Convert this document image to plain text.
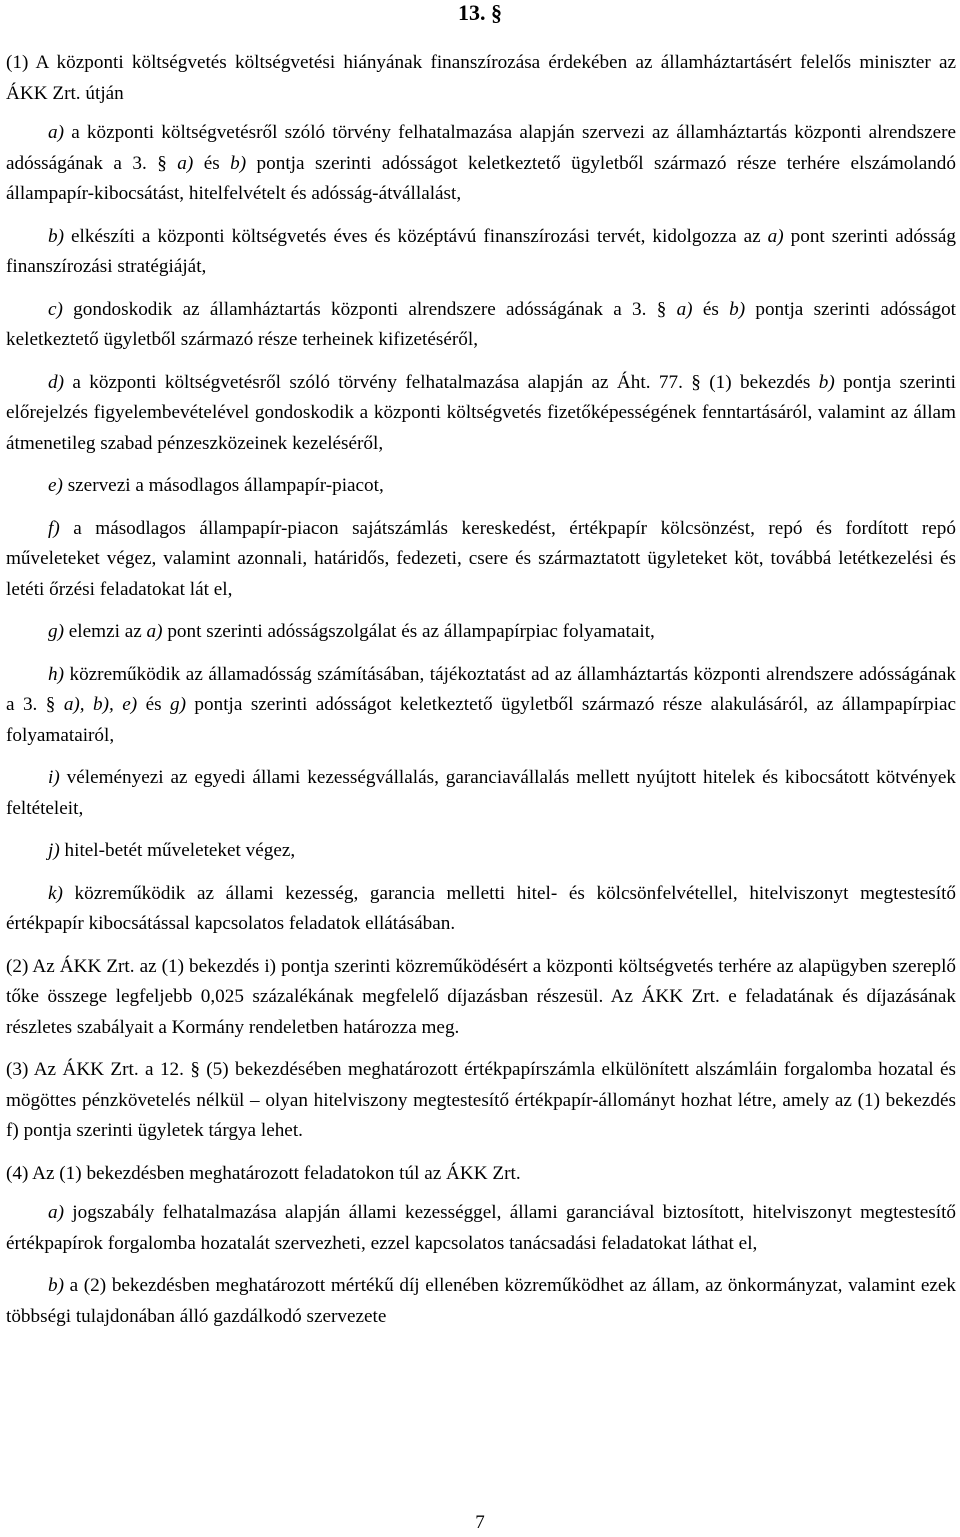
13. §

(1) A központi költségvetés költségvetési hiányának finanszírozása érdekében az államháztartásért felelős miniszter az ÁKK Zrt. útján

a) a központi költségvetésről szóló törvény felhatalmazása alapján szervezi az államháztartás központi alrendszere adósságának a 3. § a) és b) pontja szerinti adósságot keletkeztető ügyletből származó része terhére elszámolandó állampapír-kibocsátást, hitelfelvételt és adósság-átvállalást,

b) elkészíti a központi költségvetés éves és középtávú finanszírozási tervét, kidolgozza az a) pont szerinti adósság finanszírozási stratégiáját,

c) gondoskodik az államháztartás központi alrendszere adósságának a 3. § a) és b) pontja szerinti adósságot keletkeztető ügyletből származó része terheinek kifizetéséről,

d) a központi költségvetésről szóló törvény felhatalmazása alapján az Áht. 77. § (1) bekezdés b) pontja szerinti előrejelzés figyelembevételével gondoskodik a központi költségvetés fizetőképességének fenntartásáról, valamint az állam átmenetileg szabad pénzeszközeinek kezeléséről,

e) szervezi a másodlagos állampapír-piacot,

f) a másodlagos állampapír-piacon sajátszámlás kereskedést, értékpapír kölcsönzést, repó és fordított repó műveleteket végez, valamint azonnali, határidős, fedezeti, csere és származtatott ügyleteket köt, továbbá letétkezelési és letéti őrzési feladatokat lát el,

g) elemzi az a) pont szerinti adósságszolgálat és az állampapírpiac folyamatait,

h) közreműködik az államadósság számításában, tájékoztatást ad az államháztartás központi alrendszere adósságának a 3. § a), b), e) és g) pontja szerinti adósságot keletkeztető ügyletből származó része alakulásáról, az állampapírpiac folyamatairól,

i) véleményezi az egyedi állami kezességvállalás, garanciavállalás mellett nyújtott hitelek és kibocsátott kötvények feltételeit,

j) hitel-betét műveleteket végez,

k) közreműködik az állami kezesség, garancia melletti hitel- és kölcsönfelvétellel, hitelviszonyt megtestesítő értékpapír kibocsátással kapcsolatos feladatok ellátásában.

(2) Az ÁKK Zrt. az (1) bekezdés i) pontja szerinti közreműködésért a központi költségvetés terhére az alapügyben szereplő tőke összege legfeljebb 0,025 százalékának megfelelő díjazásban részesül. Az ÁKK Zrt. e feladatának és díjazásának részletes szabályait a Kormány rendeletben határozza meg.

(3) Az ÁKK Zrt. a 12. § (5) bekezdésében meghatározott értékpapírszámla elkülönített alszámláin forgalomba hozatal és mögöttes pénzkövetelés nélkül – olyan hitelviszony megtestesítő értékpapír-állományt hozhat létre, amely az (1) bekezdés f) pontja szerinti ügyletek tárgya lehet.

(4) Az (1) bekezdésben meghatározott feladatokon túl az ÁKK Zrt.

a) jogszabály felhatalmazása alapján állami kezességgel, állami garanciával biztosított, hitelviszonyt megtestesítő értékpapírok forgalomba hozatalát szervezheti, ezzel kapcsolatos tanácsadási feladatokat láthat el,

b) a (2) bekezdésben meghatározott mértékű díj ellenében közreműködhet az állam, az önkormányzat, valamint ezek többségi tulajdonában álló gazdálkodó szervezete

7
